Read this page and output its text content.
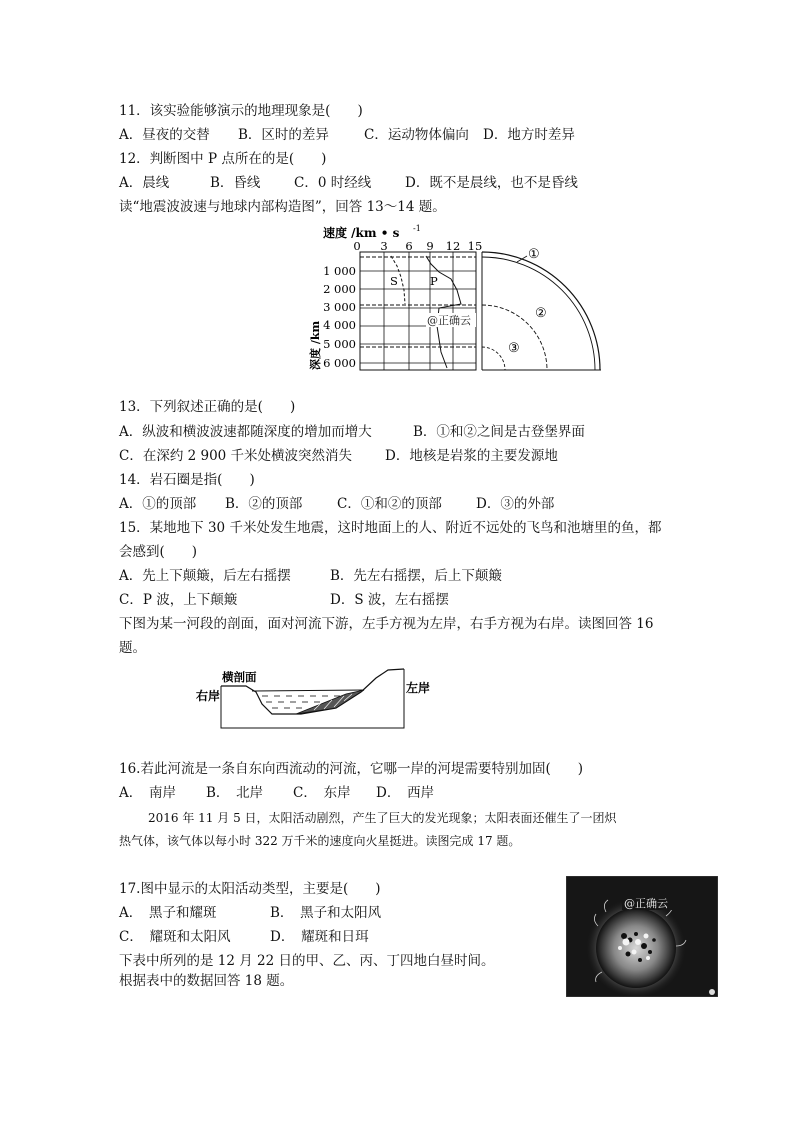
11．该实验能够演示的地理现象是(　　)
A．昼夜的交替 B．区时的差异	C．运动物体偏向 D．地方时差异
12．判断图中 P 点所在的是(　　)
A．晨线	B．昏线 C．0 时经线	D．既不是晨线，也不是昏线
读“地震波波速与地球内部构造图”，回答 13～14 题。
速度 /km • s -1
0 3 6 9 12 15
S	P
@正确云
1 000
2 000
3 000
4 000
5 000
6 000
深度 /km
①
②
③
13．下列叙述正确的是(　　)
A．纵波和横波波速都随深度的增加而增大	B．①和②之间是古登堡界面
C．在深约 2 900 千米处横波突然消失 D．地核是岩浆的主要发源地
14．岩石圈是指(　　)
A．①的顶部 B．②的顶部	C．①和②的顶部	D．③的外部
15．某地地下 30 千米处发生地震，这时地面上的人、附近不远处的飞鸟和池塘里的鱼，都
会感到(　　)
A．先上下颠簸，后左右摇摆	B．先左右摇摆，后上下颠簸
C．P 波，上下颠簸	D．S 波，左右摇摆
下图为某一河段的剖面，面对河流下游，左手方视为左岸，右手方视为右岸。读图回答 16
题。
横剖面
右岸
左岸
16.若此河流是一条自东向西流动的河流，它哪一岸的河堤需要特别加固(　　)
A．　南岸 B．　北岸 C．　东岸 D．　西岸
2016 年 11 月 5 日，太阳活动剧烈，产生了巨大的发光现象；太阳表面还催生了一团炽
热气体，该气体以每小时 322 万千米的速度向火星挺进。读图完成 17 题。
17.图中显示的太阳活动类型，主要是(　　)
A．　黑子和耀斑	B．　黑子和太阳风
C．　耀斑和太阳风	D．　耀斑和日珥
@正确云
下表中所列的是 12 月 22 日的甲、乙、丙、丁四地白昼时间。
根据表中的数据回答 18 题。
